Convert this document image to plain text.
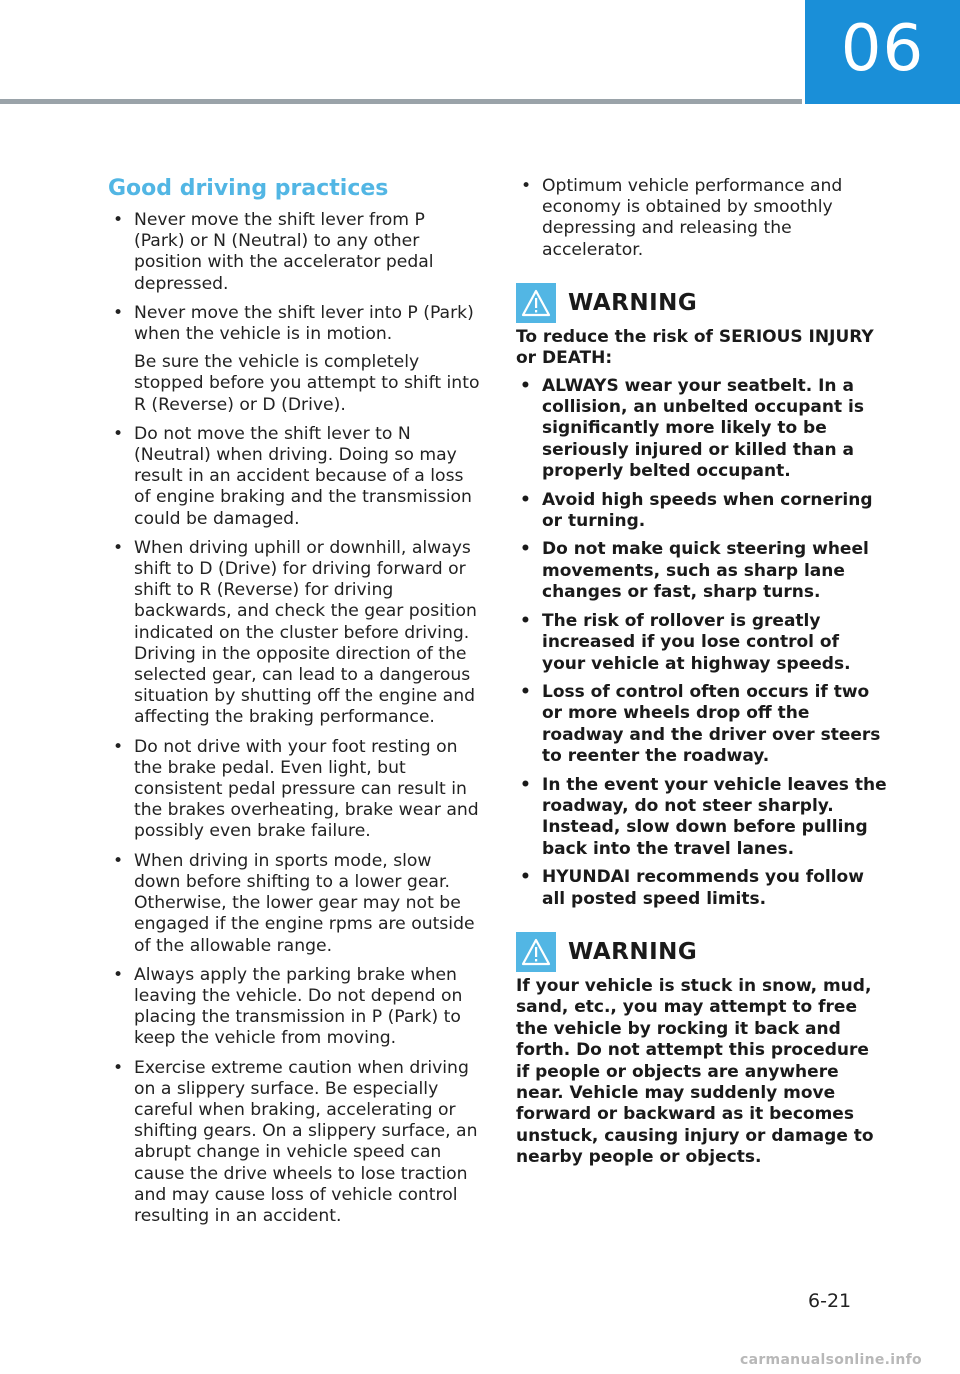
06
Good driving practices
• Never move the shift lever from P (Park) or N (Neutral) to any other position with the accelerator pedal depressed.
• Never move the shift lever into P (Park) when the vehicle is in motion.

Be sure the vehicle is completely stopped before you attempt to shift into R (Reverse) or D (Drive).

• Do not move the shift lever to N (Neutral) when driving. Doing so may result in an accident because of a loss of engine braking and the transmission could be damaged.
• When driving uphill or downhill, always shift to D (Drive) for driving forward or shift to R (Reverse) for driving backwards, and check the gear position indicated on the cluster before driving. Driving in the opposite direction of the selected gear, can lead to a dangerous situation by shutting off the engine and affecting the braking performance.
• Do not drive with your foot resting on the brake pedal. Even light, but consistent pedal pressure can result in the brakes overheating, brake wear and possibly even brake failure.
• When driving in sports mode, slow down before shifting to a lower gear. Otherwise, the lower gear may not be engaged if the engine rpms are outside of the allowable range.
• Always apply the parking brake when leaving the vehicle. Do not depend on placing the transmission in P (Park) to keep the vehicle from moving.
• Exercise extreme caution when driving on a slippery surface. Be especially careful when braking, accelerating or shifting gears. On a slippery surface, an abrupt change in vehicle speed can cause the drive wheels to lose traction and may cause loss of vehicle control resulting in an accident.
• Optimum vehicle performance and economy is obtained by smoothly depressing and releasing the accelerator.
WARNING
To reduce the risk of SERIOUS INJURY or DEATH:
• ALWAYS wear your seatbelt. In a collision, an unbelted occupant is significantly more likely to be seriously injured or killed than a properly belted occupant.
• Avoid high speeds when cornering or turning.
• Do not make quick steering wheel movements, such as sharp lane changes or fast, sharp turns.
• The risk of rollover is greatly increased if you lose control of your vehicle at highway speeds.
• Loss of control often occurs if two or more wheels drop off the roadway and the driver over steers to reenter the roadway.
• In the event your vehicle leaves the roadway, do not steer sharply. Instead, slow down before pulling back into the travel lanes.
• HYUNDAI recommends you follow all posted speed limits.
WARNING
If your vehicle is stuck in snow, mud, sand, etc., you may attempt to free the vehicle by rocking it back and forth. Do not attempt this procedure if people or objects are anywhere near. Vehicle may suddenly move forward or backward as it becomes unstuck, causing injury or damage to nearby people or objects.
6-21
carmanualsonline.info
